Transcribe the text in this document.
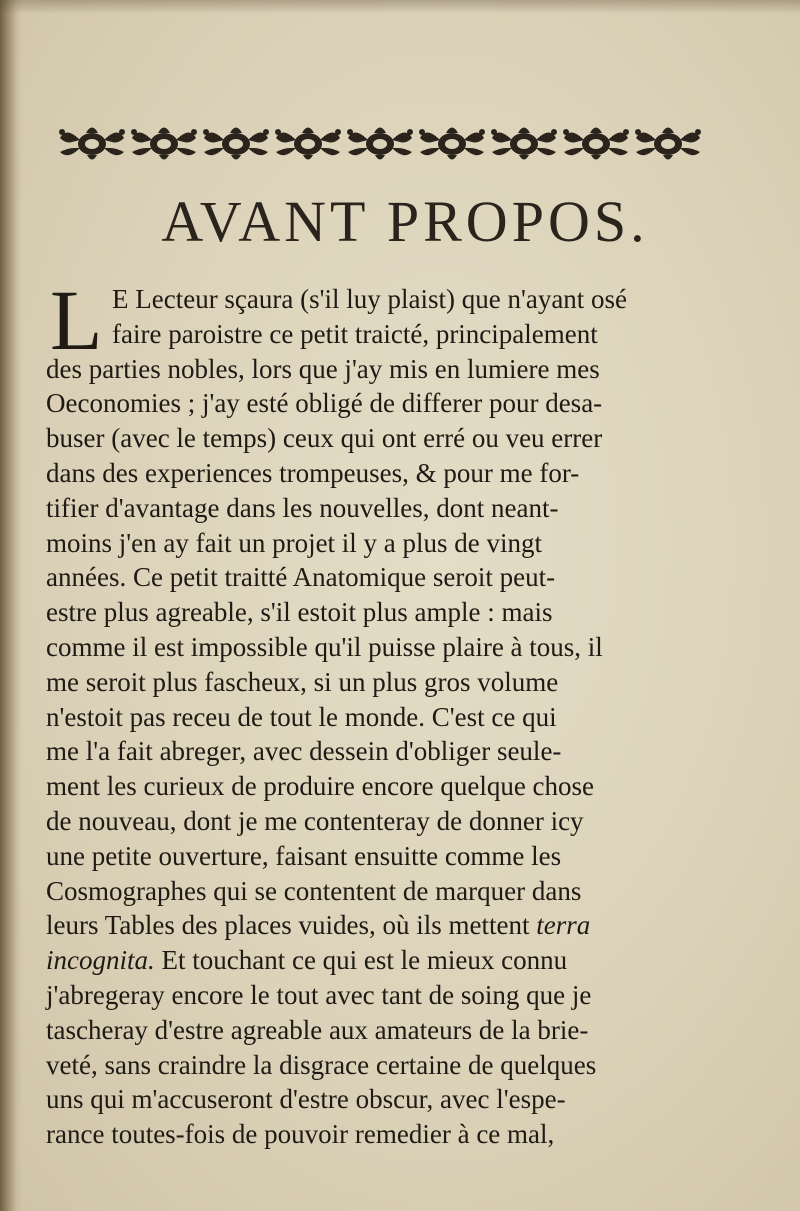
AVANT PROPOS.
L E Lecteur sçaura (s'il luy plaist) que n'ayant osé
faire paroistre ce petit traicté, principalement
des parties nobles, lors que j'ay mis en lumiere mes
Oeconomies ; j'ay esté obligé de differer pour desa-
buser (avec le temps) ceux qui ont erré ou veu errer
dans des experiences trompeuses, & pour me for-
tifier d'avantage dans les nouvelles, dont neant-
moins j'en ay fait un projet il y a plus de vingt
années. Ce petit traitté Anatomique seroit peut-
estre plus agreable, s'il estoit plus ample : mais
comme il est impossible qu'il puisse plaire à tous, il
me seroit plus fascheux, si un plus gros volume
n'estoit pas receu de tout le monde. C'est ce qui
me l'a fait abreger, avec dessein d'obliger seule-
ment les curieux de produire encore quelque chose
de nouveau, dont je me contenteray de donner icy
une petite ouverture, faisant ensuitte comme les
Cosmographes qui se contentent de marquer dans
leurs Tables des places vuides, où ils mettent terra
incognita. Et touchant ce qui est le mieux connu
j'abregeray encore le tout avec tant de soing que je
tascheray d'estre agreable aux amateurs de la brie-
veté, sans craindre la disgrace certaine de quelques
uns qui m'accuseront d'estre obscur, avec l'espe-
rance toutes-fois de pouvoir remedier à ce mal,
